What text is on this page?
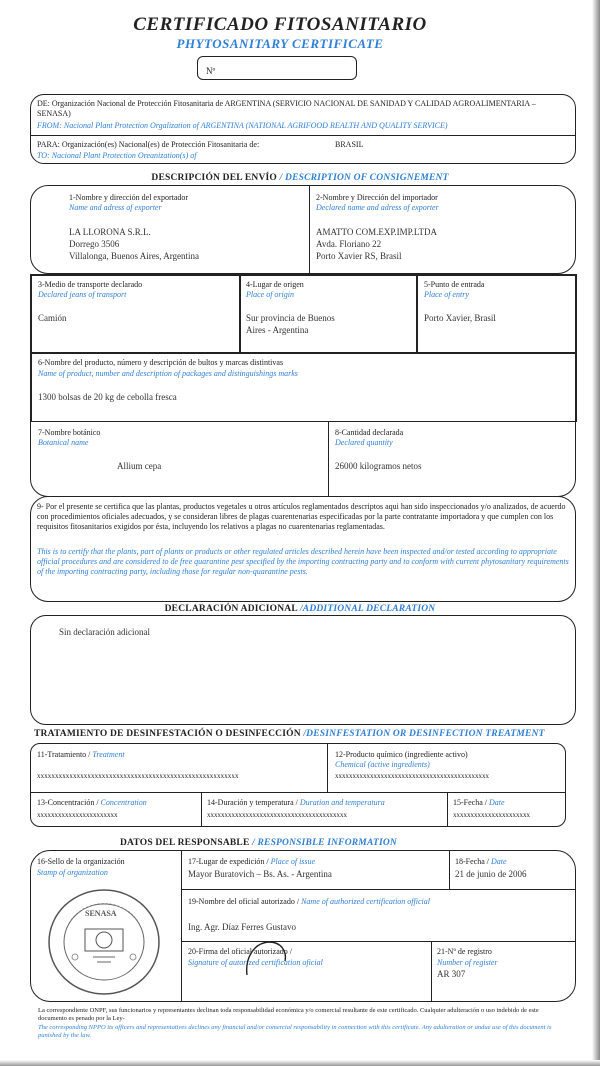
CERTIFICADO FITOSANITARIO
PHYTOSANITARY CERTIFICATE
Nº
DE: Organización Nacional de Protección Fitosanitaria de ARGENTINA (SERVICIO NACIONAL DE SANIDAD Y CALIDAD AGROALIMENTARIA – SENASA)
FROM: Nacional Plant Protection Orgalization of ARGENTINA (NATIONAL AGRIFOOD REALTH AND QUALITY SERVICE)
PARA: Organización(es) Nacional(es) de Protección Fitosanitaria de:	BRASIL
TO: Nacional Plant Protection Oreanization(s) of
DESCRIPCIÓN DEL ENVÍO / DESCRIPTION OF CONSIGNEMENT
1-Nombre y dirección del exportador
Name and adress of exporter
LA LLORONA S.R.L.
Dorrego 3506
Villalonga, Buenos Aires, Argentina
2-Nombre y Dirección del importador
Declared name and adress of exporter
AMATTO COM.EXP.IMP.LTDA
Avda. Floriano 22
Porto Xavier RS, Brasil
3-Medio de transporte declarado
Declared jeans of transport
Camión
4-Lugar de origen
Place of origin
Sur provincia de Buenos
Aires - Argentina
5-Punto de entrada
Place of entry
Porto Xavier, Brasil
6-Nombre del producto, número y descripción de bultos y marcas distintivas
Name of product, number and description of packages and distinguishings marks
1300 bolsas de 20 kg de cebolla fresca
7-Nombre botánico
Botanical name
Allium cepa
8-Cantidad declarada
Declared quantity
26000 kilogramos netos
9- Por el presente se certifica que las plantas, productos vegetales u otros artículos reglamentados descriptos aqui han sido inspeccionados y/o analizados, de acuerdo con procedimientos oficiales adecuados, y se consideran libres de plagas cuarentenarias especificadas por la parte contratante importadora y que cumplen con los requisitos fitosanitarios exigidos por ésta, incluyendo los relativos a plagas no cuarentenarias reglamentadas.
This is to certify that the plants, part of plants or products or other regulated articles described herein have been inspected and/or tested according to appropriate official procedures and are considered to de free quarantine pest specified by the importing contracting party and to conform with current phytosanitary requirements of the importing contracting party, including those for regular non-quarantine pests.
DECLARACIÓN ADICIONAL /ADDITIONAL DECLARATION
Sin declaración adicional
TRATAMIENTO DE DESINFESTACIÓN O DESINFECCIÓN /DESINFESTATION OR DESINFECTION TREATMENT
11-Tratamiento / Treatment
xxxxxxxxxxxxxxxxxxxxxxxxxxxxxxxxxxxxxxxxxxxxxxxxxxxxxxxx
12-Producto químico (ingrediente activo)
Chemical (active ingredients)
xxxxxxxxxxxxxxxxxxxxxxxxxxxxxxxxxxxxxxxxxxxx
13-Concentración / Concentration
xxxxxxxxxxxxxxxxxxxxxxx
14-Duración y temperatura / Duration and temperatura
xxxxxxxxxxxxxxxxxxxxxxxxxxxxxxxxxxxxxxxx
15-Fecha / Date
xxxxxxxxxxxxxxxxxxxxxx
DATOS DEL RESPONSABLE / RESPONSIBLE INFORMATION
16-Sello de la organización
Stamp of organization
SENASA
17-Lugar de expedición / Place of issue
Mayor Buratovich – Bs. As. - Argentina
18-Fecha / Date
21 de junio de 2006
19-Nombre del oficial autorizado / Name of authorized certification official
Ing. Agr. Díaz Ferres Gustavo
20-Firma del oficial autorizado /
Signature of autorized certification oficial
21-Nº de registro
Number of register
AR 307
La correspondiente ONPF, sus funcionarios y representantes declinan toda responsabilidad económica y/o comercial resultante de este certificado. Cualquier adulteración o uso indebido de este documento es penado por la Ley-
The corresponding NPPO its officers and representatives declines any financial and/or comercial responsability in connection with this certificate. Any adulteration or andue use of this document is punished by the law.
